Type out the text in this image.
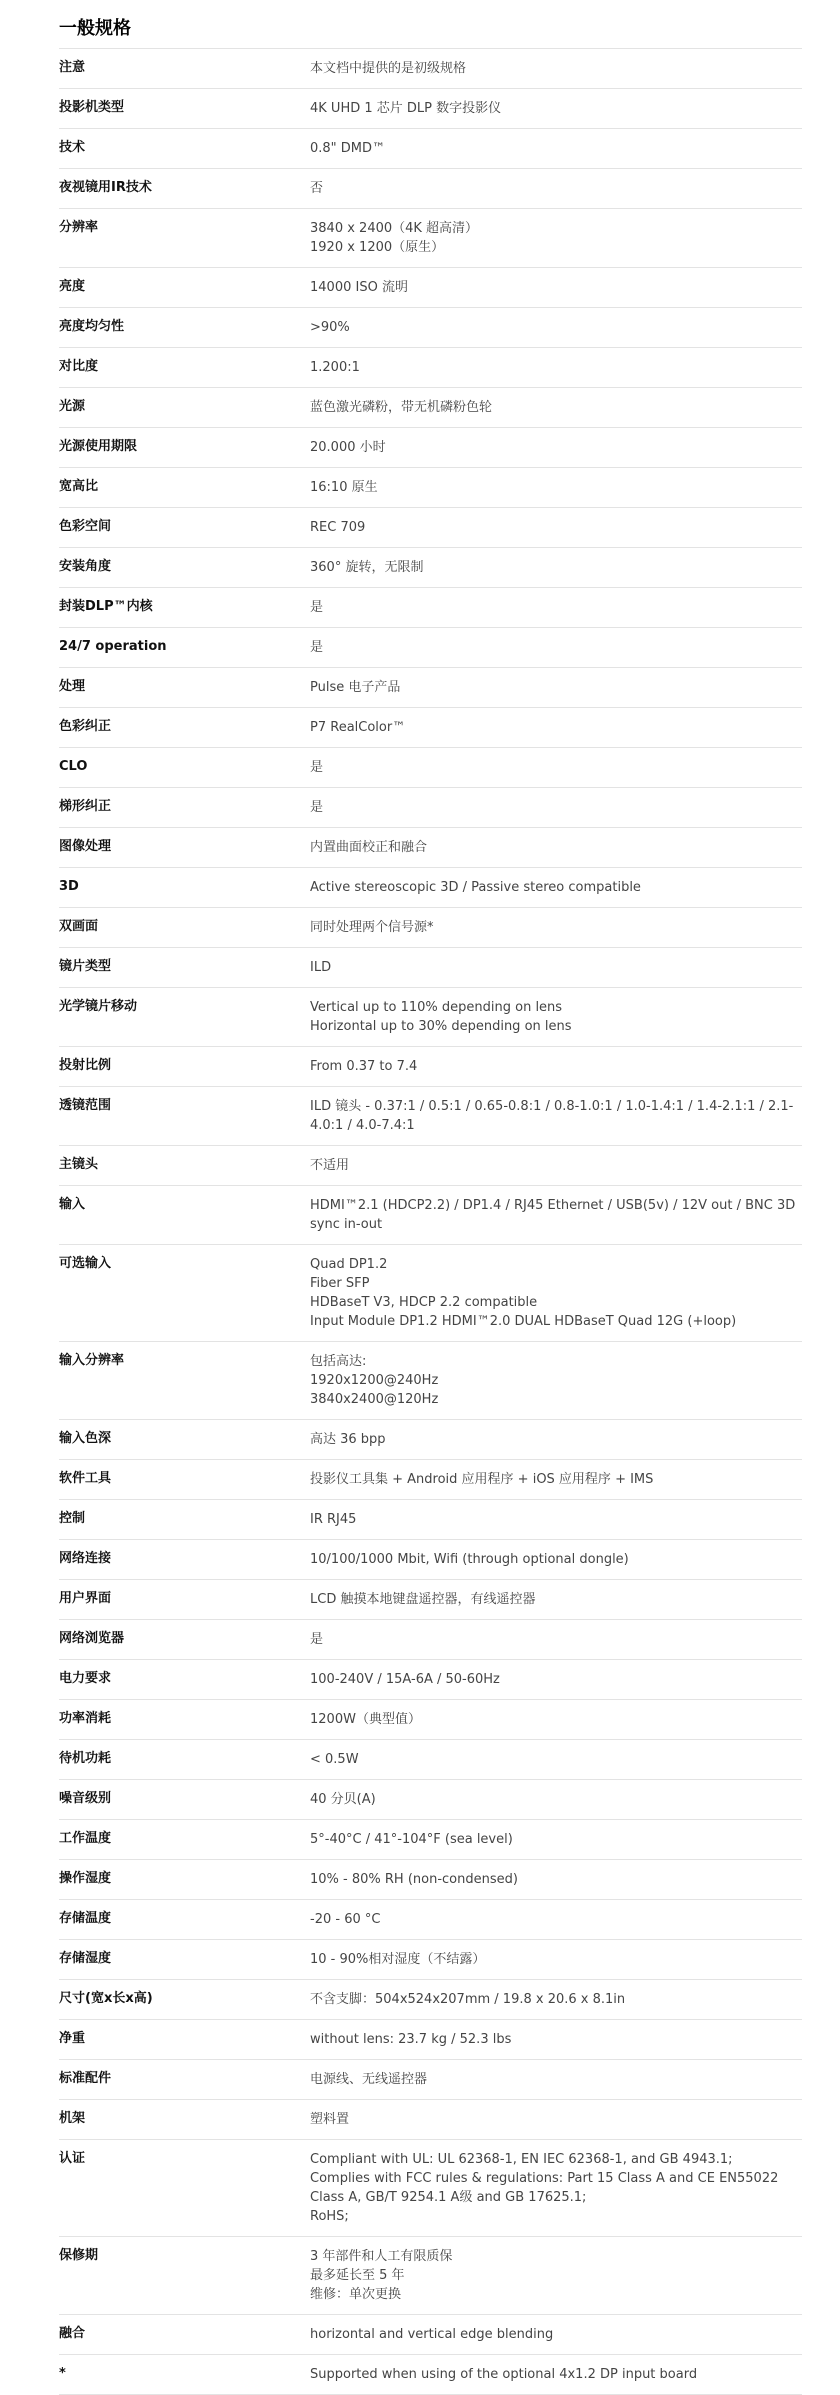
一般规格
注意	本文档中提供的是初级规格
投影机类型	4K UHD 1 芯片 DLP 数字投影仪
技术	0.8" DMD™
夜视镜用IR技术	否
分辨率	3840 x 2400（4K 超高清）
1920 x 1200（原生）
亮度	14000 ISO 流明
亮度均匀性	>90%
对比度	1.200:1
光源	蓝色激光磷粉，带无机磷粉色轮
光源使用期限	20.000 小时
宽高比	16:10 原生
色彩空间	REC 709
安装角度	360° 旋转，无限制
封装DLP™内核	是
24/7 operation	是
处理	Pulse 电子产品
色彩纠正	P7 RealColor™
CLO	是
梯形纠正	是
图像处理	内置曲面校正和融合
3D	Active stereoscopic 3D / Passive stereo compatible
双画面	同时处理两个信号源*
镜片类型	ILD
光学镜片移动	Vertical up to 110% depending on lens
Horizontal up to 30% depending on lens
投射比例	From 0.37 to 7.4
透镜范围	ILD 镜头 - 0.37:1 / 0.5:1 / 0.65-0.8:1 / 0.8-1.0:1 / 1.0-1.4:1 / 1.4-2.1:1 / 2.1-
4.0:1 / 4.0-7.4:1
主镜头	不适用
输入	HDMI™2.1 (HDCP2.2) / DP1.4 / RJ45 Ethernet / USB(5v) / 12V out / BNC 3D
sync in-out
可选输入	Quad DP1.2
Fiber SFP
HDBaseT V3, HDCP 2.2 compatible
Input Module DP1.2 HDMI™2.0 DUAL HDBaseT Quad 12G (+loop)
输入分辨率	包括高达:
1920x1200@240Hz
3840x2400@120Hz
输入色深	高达 36 bpp
软件工具	投影仪工具集 + Android 应用程序 + iOS 应用程序 + IMS
控制	IR RJ45
网络连接	10/100/1000 Mbit, Wifi (through optional dongle)
用户界面	LCD 触摸本地键盘遥控器，有线遥控器
网络浏览器	是
电力要求	100-240V / 15A-6A / 50-60Hz
功率消耗	1200W（典型值）
待机功耗	< 0.5W
噪音级别	40 分贝(A)
工作温度	5°-40°C / 41°-104°F (sea level)
操作湿度	10% - 80% RH (non-condensed)
存储温度	-20 - 60 °C
存储湿度	10 - 90%相对湿度（不结露）
尺寸(宽x长x高)	不含支脚：504x524x207mm / 19.8 x 20.6 x 8.1in
净重	without lens: 23.7 kg / 52.3 lbs
标准配件	电源线、无线遥控器
机架	塑料置
认证	Compliant with UL: UL 62368-1, EN IEC 62368-1, and GB 4943.1;
Complies with FCC rules & regulations: Part 15 Class A and CE EN55022
Class A, GB/T 9254.1 A级 and GB 17625.1;
RoHS;
保修期	3 年部件和人工有限质保
最多延长至 5 年
维修：单次更换
融合	horizontal and vertical edge blending
*	Supported when using of the optional 4x1.2 DP input board
